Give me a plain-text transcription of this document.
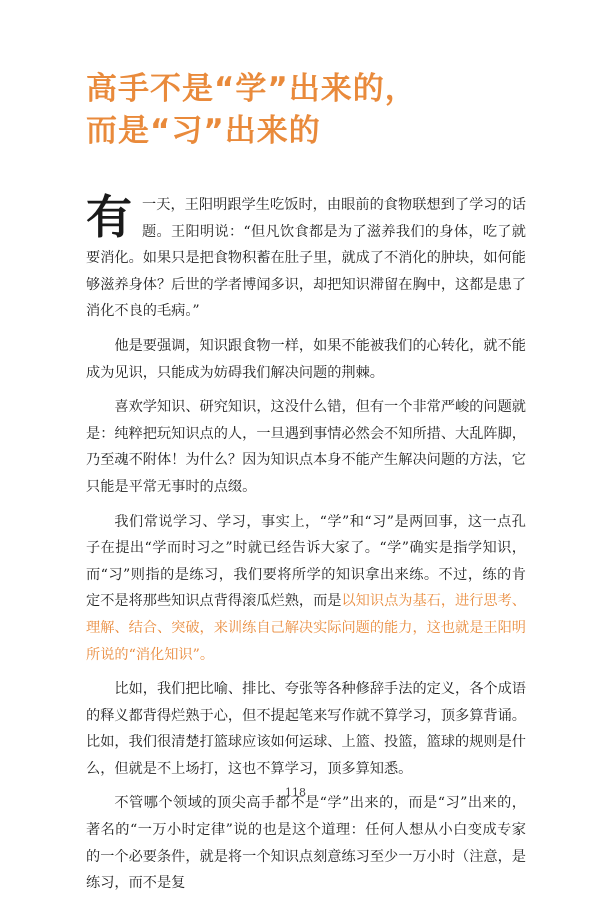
高手不是“学”出来的，
而是“习”出来的

有一天，王阳明跟学生吃饭时，由眼前的食物联想到了学习的话题。王阳明说：“但凡饮食都是为了滋养我们的身体，吃了就要消化。如果只是把食物积蓄在肚子里，就成了不消化的肿块，如何能够滋养身体？后世的学者博闻多识，却把知识滞留在胸中，这都是患了消化不良的毛病。”

他是要强调，知识跟食物一样，如果不能被我们的心转化，就不能成为见识，只能成为妨碍我们解决问题的荆棘。

喜欢学知识、研究知识，这没什么错，但有一个非常严峻的问题就是：纯粹把玩知识点的人，一旦遇到事情必然会不知所措、大乱阵脚，乃至魂不附体！为什么？因为知识点本身不能产生解决问题的方法，它只能是平常无事时的点缀。

我们常说学习、学习，事实上，“学”和“习”是两回事，这一点孔子在提出“学而时习之”时就已经告诉大家了。“学”确实是指学知识，而“习”则指的是练习，我们要将所学的知识拿出来练。不过，练的肯定不是将那些知识点背得滚瓜烂熟，而是以知识点为基石，进行思考、理解、结合、突破，来训练自己解决实际问题的能力，这也就是王阳明所说的“消化知识”。

比如，我们把比喻、排比、夸张等各种修辞手法的定义，各个成语的释义都背得烂熟于心，但不提起笔来写作就不算学习，顶多算背诵。比如，我们很清楚打篮球应该如何运球、上篮、投篮，篮球的规则是什么，但就是不上场打，这也不算学习，顶多算知悉。

不管哪个领域的顶尖高手都不是“学”出来的，而是“习”出来的，著名的“一万小时定律”说的也是这个道理：任何人想从小白变成专家的一个必要条件，就是将一个知识点刻意练习至少一万小时（注意，是练习，而不是复

118
